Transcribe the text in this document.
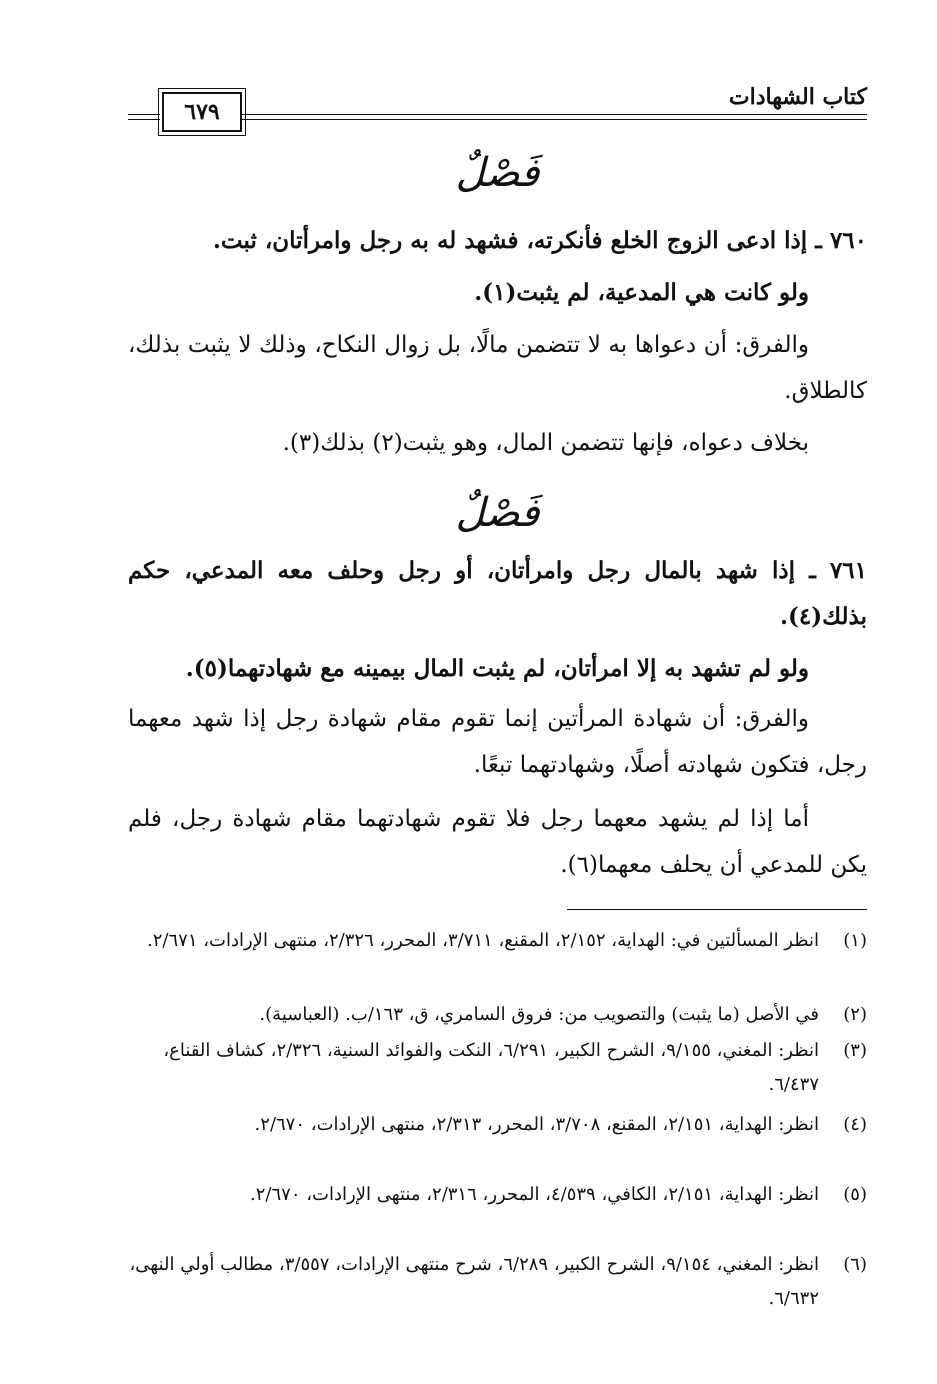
كتاب الشهادات
٦٧٩
فَصْلٌ
٧٦٠ ـ إذا ادعى الزوج الخلع فأنكرته، فشهد له به رجل وامرأتان، ثبت.
ولو كانت هي المدعية، لم يثبت(١).
والفرق: أن دعواها به لا تتضمن مالًا، بل زوال النكاح، وذلك لا يثبت بذلك، كالطلاق.
بخلاف دعواه، فإنها تتضمن المال، وهو يثبت(٢) بذلك(٣).
فَصْلٌ
٧٦١ ـ إذا شهد بالمال رجل وامرأتان، أو رجل وحلف معه المدعي، حكم بذلك(٤).
ولو لم تشهد به إلا امرأتان، لم يثبت المال بيمينه مع شهادتهما(٥).
والفرق: أن شهادة المرأتين إنما تقوم مقام شهادة رجل إذا شهد معهما رجل، فتكون شهادته أصلًا، وشهادتهما تبعًا.
أما إذا لم يشهد معهما رجل فلا تقوم شهادتهما مقام شهادة رجل، فلم يكن للمدعي أن يحلف معهما(٦).
(١)
انظر المسألتين في: الهداية، ٢/١٥٢، المقنع، ٣/٧١١، المحرر، ٢/٣٢٦، منتهى الإرادات، ٢/٦٧١.
(٢)
في الأصل (ما يثبت) والتصويب من: فروق السامري، ق، ١٦٣/ب. (العباسية).
(٣)
انظر: المغني، ٩/١٥٥، الشرح الكبير، ٦/٢٩١، النكت والفوائد السنية، ٢/٣٢٦، كشاف القناع، ٦/٤٣٧.
(٤)
انظر: الهداية، ٢/١٥١، المقنع، ٣/٧٠٨، المحرر، ٢/٣١٣، منتهى الإرادات، ٢/٦٧٠.
(٥)
انظر: الهداية، ٢/١٥١، الكافي، ٤/٥٣٩، المحرر، ٢/٣١٦، منتهى الإرادات، ٢/٦٧٠.
(٦)
انظر: المغني، ٩/١٥٤، الشرح الكبير، ٦/٢٨٩، شرح منتهى الإرادات، ٣/٥٥٧، مطالب أولي النهى، ٦/٦٣٢.
